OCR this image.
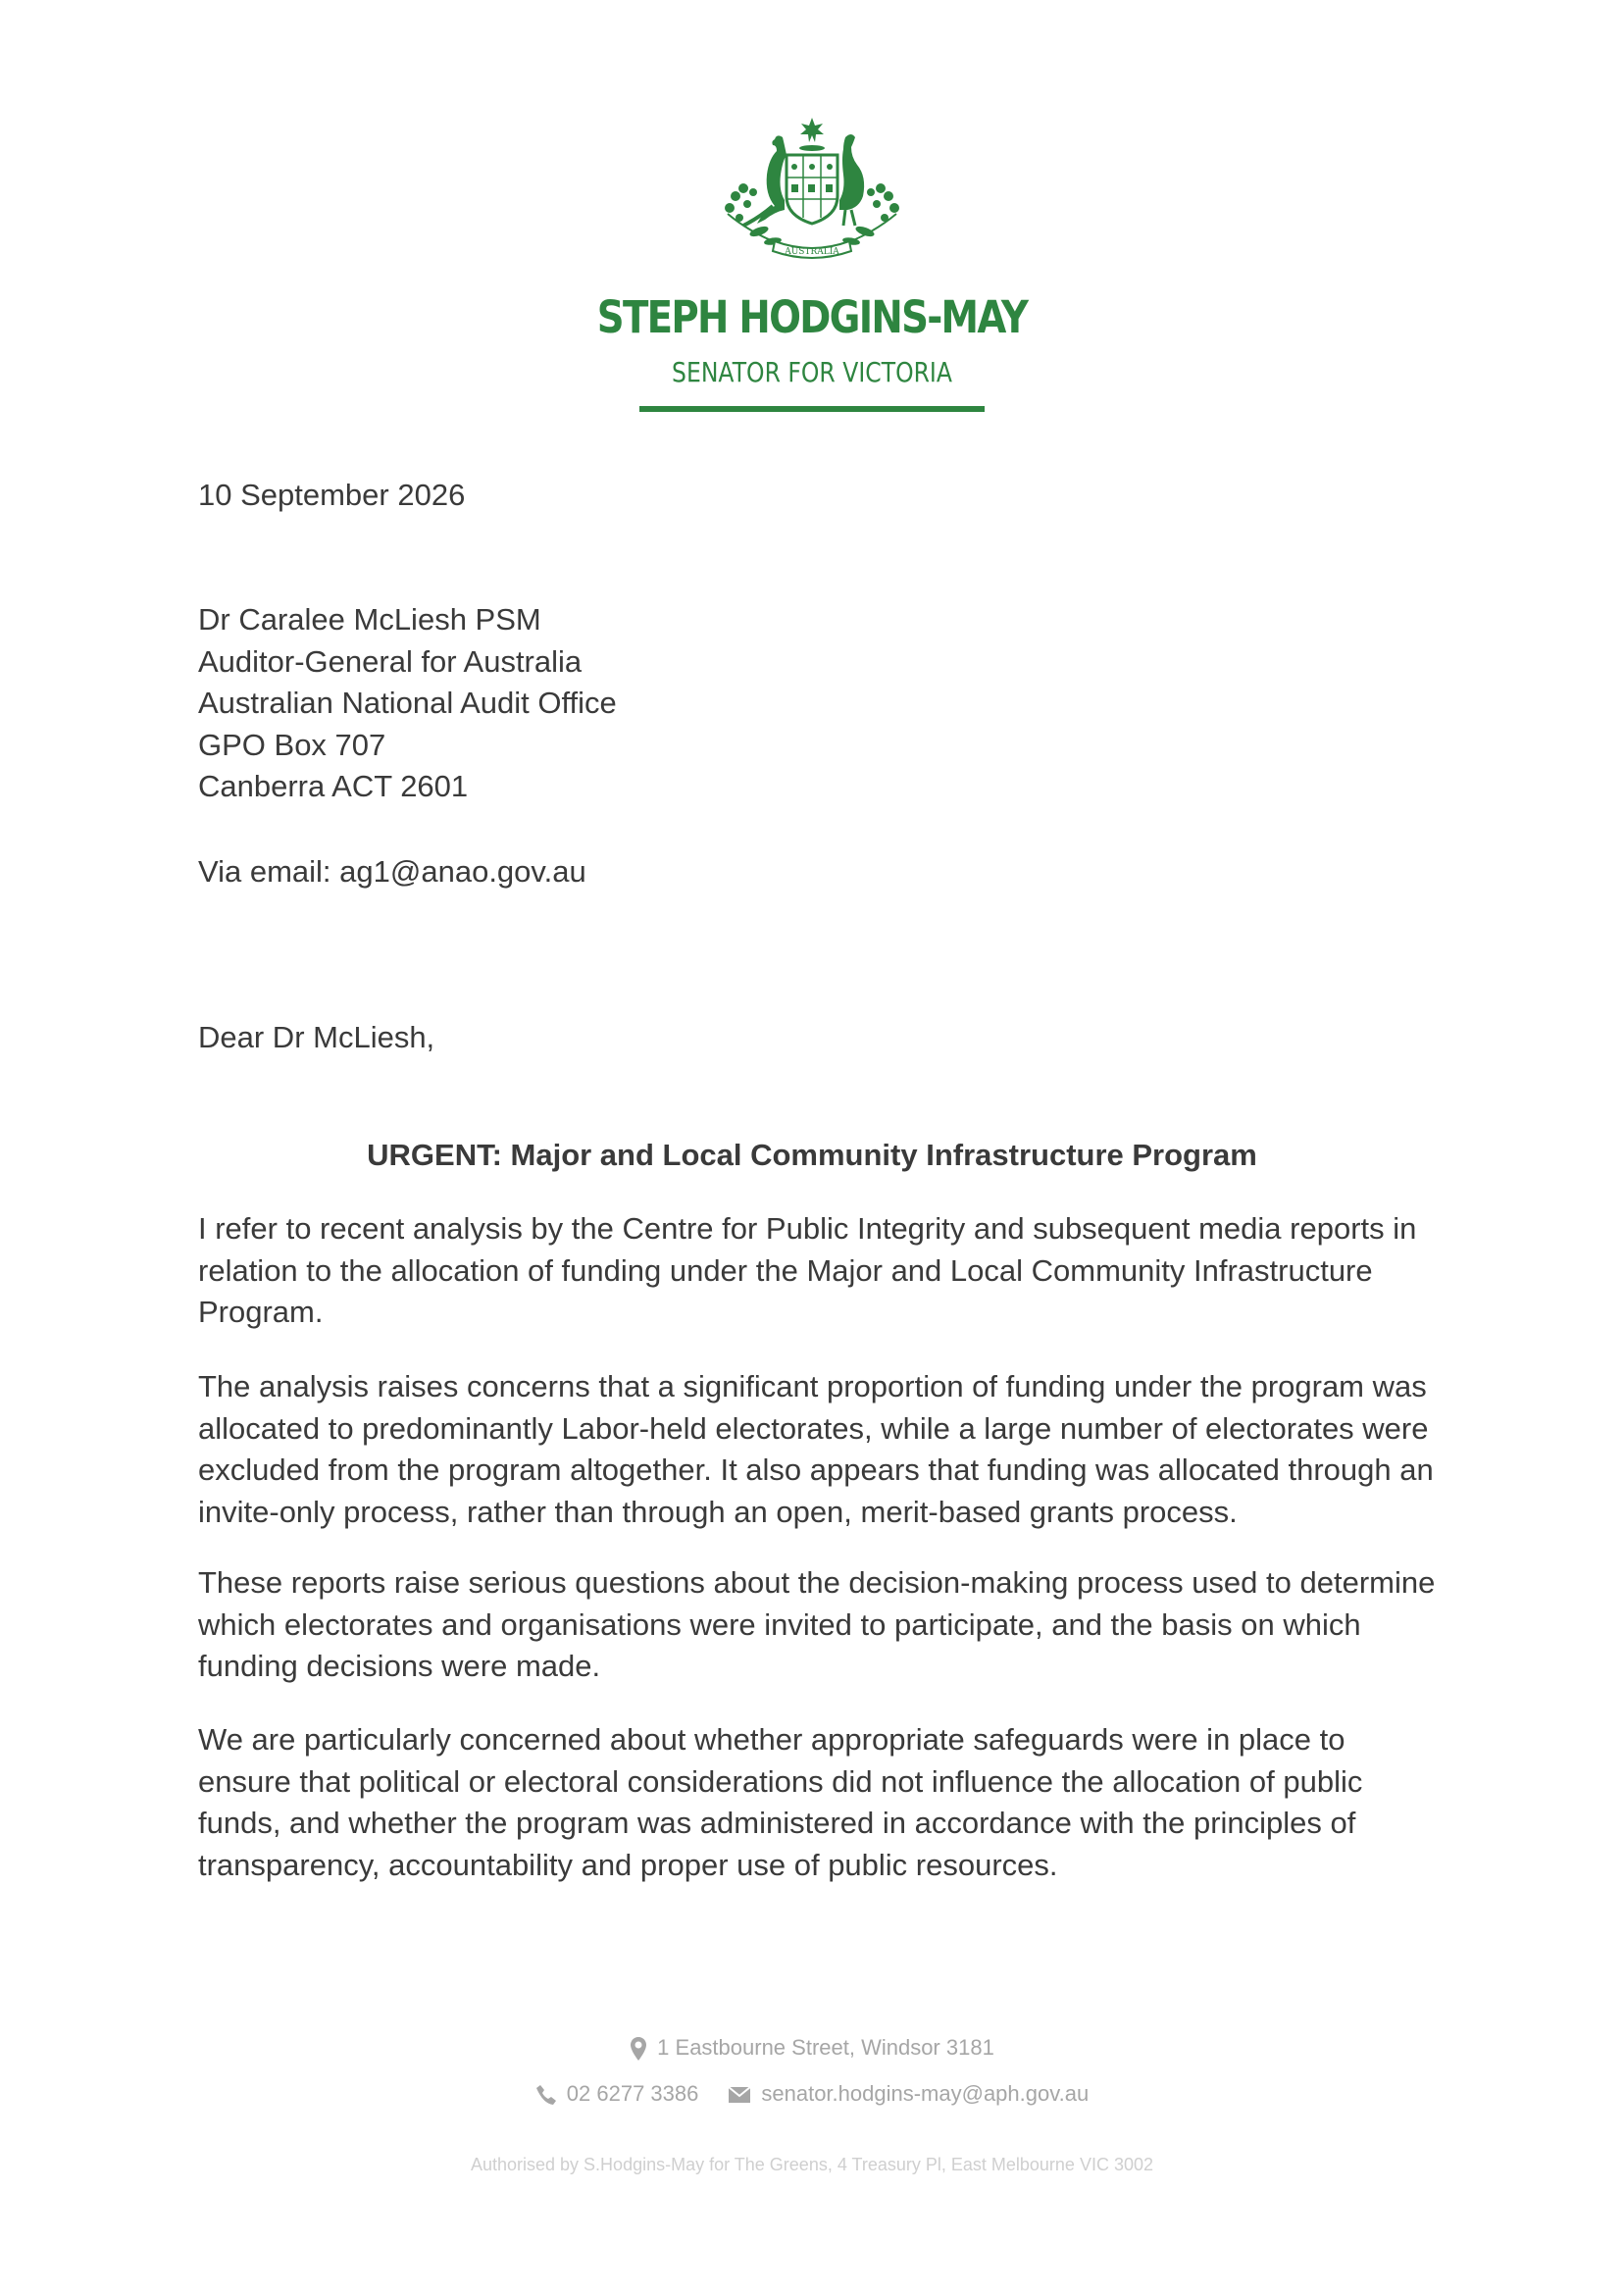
AUSTRALIA
STEPH HODGINS-MAY
SENATOR FOR VICTORIA
10 September 2026
Dr Caralee McLiesh PSM
Auditor-General for Australia
Australian National Audit Office
GPO Box 707
Canberra ACT 2601
Via email: ag1@anao.gov.au
Dear Dr McLiesh,
URGENT: Major and Local Community Infrastructure Program
I refer to recent analysis by the Centre for Public Integrity and subsequent media reports in relation to the allocation of funding under the Major and Local Community Infrastructure Program.
The analysis raises concerns that a significant proportion of funding under the program was allocated to predominantly Labor-held electorates, while a large number of electorates were excluded from the program altogether. It also appears that funding was allocated through an invite-only process, rather than through an open, merit-based grants process.
These reports raise serious questions about the decision-making process used to determine which electorates and organisations were invited to participate, and the basis on which funding decisions were made.
We are particularly concerned about whether appropriate safeguards were in place to ensure that political or electoral considerations did not influence the allocation of public funds, and whether the program was administered in accordance with the principles of transparency, accountability and proper use of public resources.
1 Eastbourne Street, Windsor 3181
02 6277 3386	senator.hodgins-may@aph.gov.au
Authorised by S.Hodgins-May for The Greens, 4 Treasury Pl, East Melbourne VIC 3002
